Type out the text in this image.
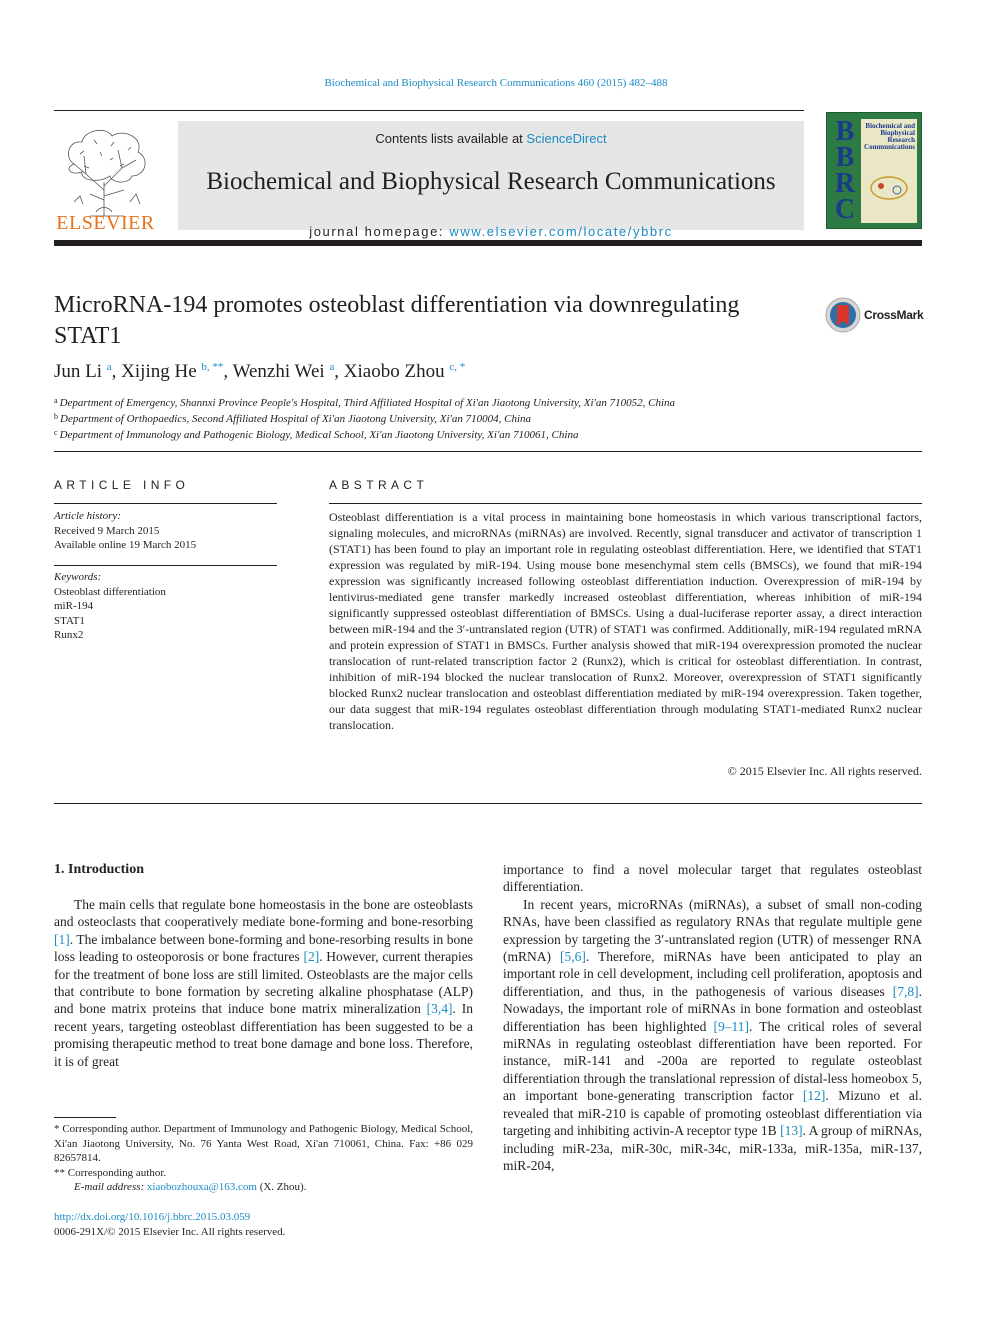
Biochemical and Biophysical Research Communications 460 (2015) 482–488
ELSEVIER
Contents lists available at ScienceDirect
Biochemical and Biophysical Research Communications
journal homepage: www.elsevier.com/locate/ybbrc
B
B
R
C
Biochemical and Biophysical Research Communications
MicroRNA-194 promotes osteoblast differentiation via downregulating STAT1
CrossMark
Jun Li $^a$, Xijing He $^{b, **}$, Wenzhi Wei $^a$, Xiaobo Zhou $^{c, *}$
$^a$ Department of Emergency, Shannxi Province People's Hospital, Third Affiliated Hospital of Xi'an Jiaotong University, Xi'an 710052, China
$^b$ Department of Orthopaedics, Second Affiliated Hospital of Xi'an Jiaotong University, Xi'an 710004, China
$^c$ Department of Immunology and Pathogenic Biology, Medical School, Xi'an Jiaotong University, Xi'an 710061, China
ARTICLE INFO
Article history:
Received 9 March 2015
Available online 19 March 2015
Keywords:
Osteoblast differentiation
miR-194
STAT1
Runx2
ABSTRACT
Osteoblast differentiation is a vital process in maintaining bone homeostasis in which various transcriptional factors, signaling molecules, and microRNAs (miRNAs) are involved. Recently, signal transducer and activator of transcription 1 (STAT1) has been found to play an important role in regulating osteoblast differentiation. Here, we identified that STAT1 expression was regulated by miR-194. Using mouse bone mesenchymal stem cells (BMSCs), we found that miR-194 expression was significantly increased following osteoblast differentiation induction. Overexpression of miR-194 by lentivirus-mediated gene transfer markedly increased osteoblast differentiation, whereas inhibition of miR-194 significantly suppressed osteoblast differentiation of BMSCs. Using a dual-luciferase reporter assay, a direct interaction between miR-194 and the 3′-untranslated region (UTR) of STAT1 was confirmed. Additionally, miR-194 regulated mRNA and protein expression of STAT1 in BMSCs. Further analysis showed that miR-194 overexpression promoted the nuclear translocation of runt-related transcription factor 2 (Runx2), which is critical for osteoblast differentiation. In contrast, inhibition of miR-194 blocked the nuclear translocation of Runx2. Moreover, overexpression of STAT1 significantly blocked Runx2 nuclear translocation and osteoblast differentiation mediated by miR-194 overexpression. Taken together, our data suggest that miR-194 regulates osteoblast differentiation through modulating STAT1-mediated Runx2 nuclear translocation.
© 2015 Elsevier Inc. All rights reserved.
1. Introduction

The main cells that regulate bone homeostasis in the bone are osteoblasts and osteoclasts that cooperatively mediate bone-forming and bone-resorbing [1]. The imbalance between bone-forming and bone-resorbing results in bone loss leading to osteoporosis or bone fractures [2]. However, current therapies for the treatment of bone loss are still limited. Osteoblasts are the major cells that contribute to bone formation by secreting alkaline phosphatase (ALP) and bone matrix proteins that induce bone matrix mineralization [3,4]. In recent years, targeting osteoblast differentiation has been suggested to be a promising therapeutic method to treat bone damage and bone loss. Therefore, it is of great

importance to find a novel molecular target that regulates osteoblast differentiation.

In recent years, microRNAs (miRNAs), a subset of small non-coding RNAs, have been classified as regulatory RNAs that regulate multiple gene expression by targeting the 3′-untranslated region (UTR) of messenger RNA (mRNA) [5,6]. Therefore, miRNAs have been anticipated to play an important role in cell development, including cell proliferation, apoptosis and differentiation, and thus, in the pathogenesis of various diseases [7,8]. Nowadays, the important role of miRNAs in bone formation and osteoblast differentiation has been highlighted [9–11]. The critical roles of several miRNAs in regulating osteoblast differentiation have been reported. For instance, miR-141 and -200a are reported to regulate osteoblast differentiation through the translational repression of distal-less homeobox 5, an important bone-generating transcription factor [12]. Mizuno et al. revealed that miR-210 is capable of promoting osteoblast differentiation via targeting and inhibiting activin-A receptor type 1B [13]. A group of miRNAs, including miR-23a, miR-30c, miR-34c, miR-133a, miR-135a, miR-137, miR-204,

* Corresponding author. Department of Immunology and Pathogenic Biology, Medical School, Xi'an Jiaotong University, No. 76 Yanta West Road, Xi'an 710061, China. Fax: +86 029 82657814.
** Corresponding author.
E-mail address: xiaobozhouxa@163.com (X. Zhou).
http://dx.doi.org/10.1016/j.bbrc.2015.03.059
0006-291X/© 2015 Elsevier Inc. All rights reserved.
